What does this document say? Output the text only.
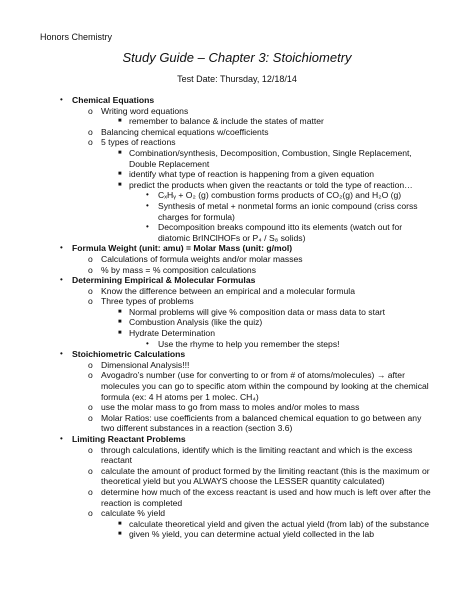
Honors Chemistry
Study Guide – Chapter 3: Stoichiometry
Test Date: Thursday, 12/18/14
• Chemical Equations
o Writing word equations
■ remember to balance & include the states of matter
o Balancing chemical equations w/coefficients
o 5 types of reactions
■ Combination/synthesis, Decomposition, Combustion, Single Replacement, Double Replacement
■ identify what type of reaction is happening from a given equation
■ predict the products when given the reactants or told the type of reaction…
• CₓHᵧ + O₂ (g) combustion forms products of CO₂(g) and H₂O (g)
• Synthesis of metal + nonmetal forms an ionic compound (criss corss charges for formula)
• Decomposition breaks compound itto its elements (watch out for diatomic BrINClHOFs or P₄ / S₈ solids)
• Formula Weight (unit: amu) = Molar Mass (unit: g/mol)
o Calculations of formula weights and/or molar masses
o % by mass = % composition calculations
• Determining Empirical & Molecular Formulas
o Know the difference between an empirical and a molecular formula
o Three types of problems
■ Normal problems will give % composition data or mass data to start
■ Combustion Analysis (like the quiz)
■ Hydrate Determination
• Use the rhyme to help you remember the steps!
• Stoichiometric Calculations
o Dimensional Analysis!!!
o Avogadro’s number (use for converting to or from # of atoms/molecules) → after molecules you can go to specific atom within the compound by looking at the chemical formula (ex: 4 H atoms per 1 molec. CH₄)
o use the molar mass to go from mass to moles and/or moles to mass
o Molar Ratios: use coefficients from a balanced chemical equation to go between any two different substances in a reaction (section 3.6)
• Limiting Reactant Problems
o through calculations, identify which is the limiting reactant and which is the excess reactant
o calculate the amount of product formed by the limiting reactant (this is the maximum or theoretical yield but you ALWAYS choose the LESSER quantity calculated)
o determine how much of the excess reactant is used and how much is left over after the reaction is completed
o calculate % yield
■ calculate theoretical yield and given the actual yield (from lab) of the substance
■ given % yield, you can determine actual yield collected in the lab
